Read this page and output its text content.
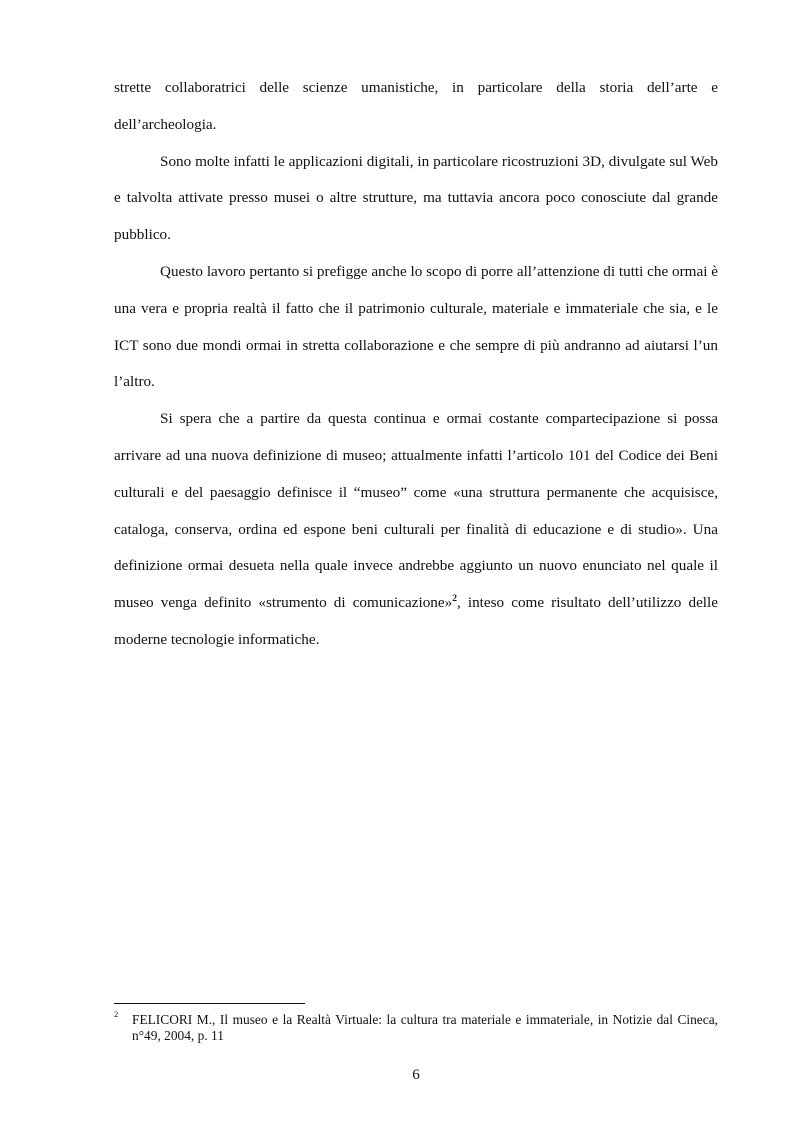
strette collaboratrici delle scienze umanistiche, in particolare della storia dell’arte e dell’archeologia.

Sono molte infatti le applicazioni digitali, in particolare ricostruzioni 3D, divulgate sul Web e talvolta attivate presso musei o altre strutture, ma tuttavia ancora poco conosciute dal grande pubblico.

Questo lavoro pertanto si prefigge anche lo scopo di porre all’attenzione di tutti che ormai è una vera e propria realtà il fatto che il patrimonio culturale, materiale e immateriale che sia, e le ICT sono due mondi ormai in stretta collaborazione e che sempre di più andranno ad aiutarsi l’un l’altro.

Si spera che a partire da questa continua e ormai costante compartecipazione si possa arrivare ad una nuova definizione di museo; attualmente infatti l’articolo 101 del Codice dei Beni culturali e del paesaggio definisce il “museo” come «una struttura permanente che acquisisce, cataloga, conserva, ordina ed espone beni culturali per finalità di educazione e di studio». Una definizione ormai desueta nella quale invece andrebbe aggiunto un nuovo enunciato nel quale il museo venga definito «strumento di comunicazione»$^2$, inteso come risultato dell’utilizzo delle moderne tecnologie informatiche.

2 FELICORI M., Il museo e la Realtà Virtuale: la cultura tra materiale e immateriale, in Notizie dal Cineca, n°49, 2004, p. 11

6
